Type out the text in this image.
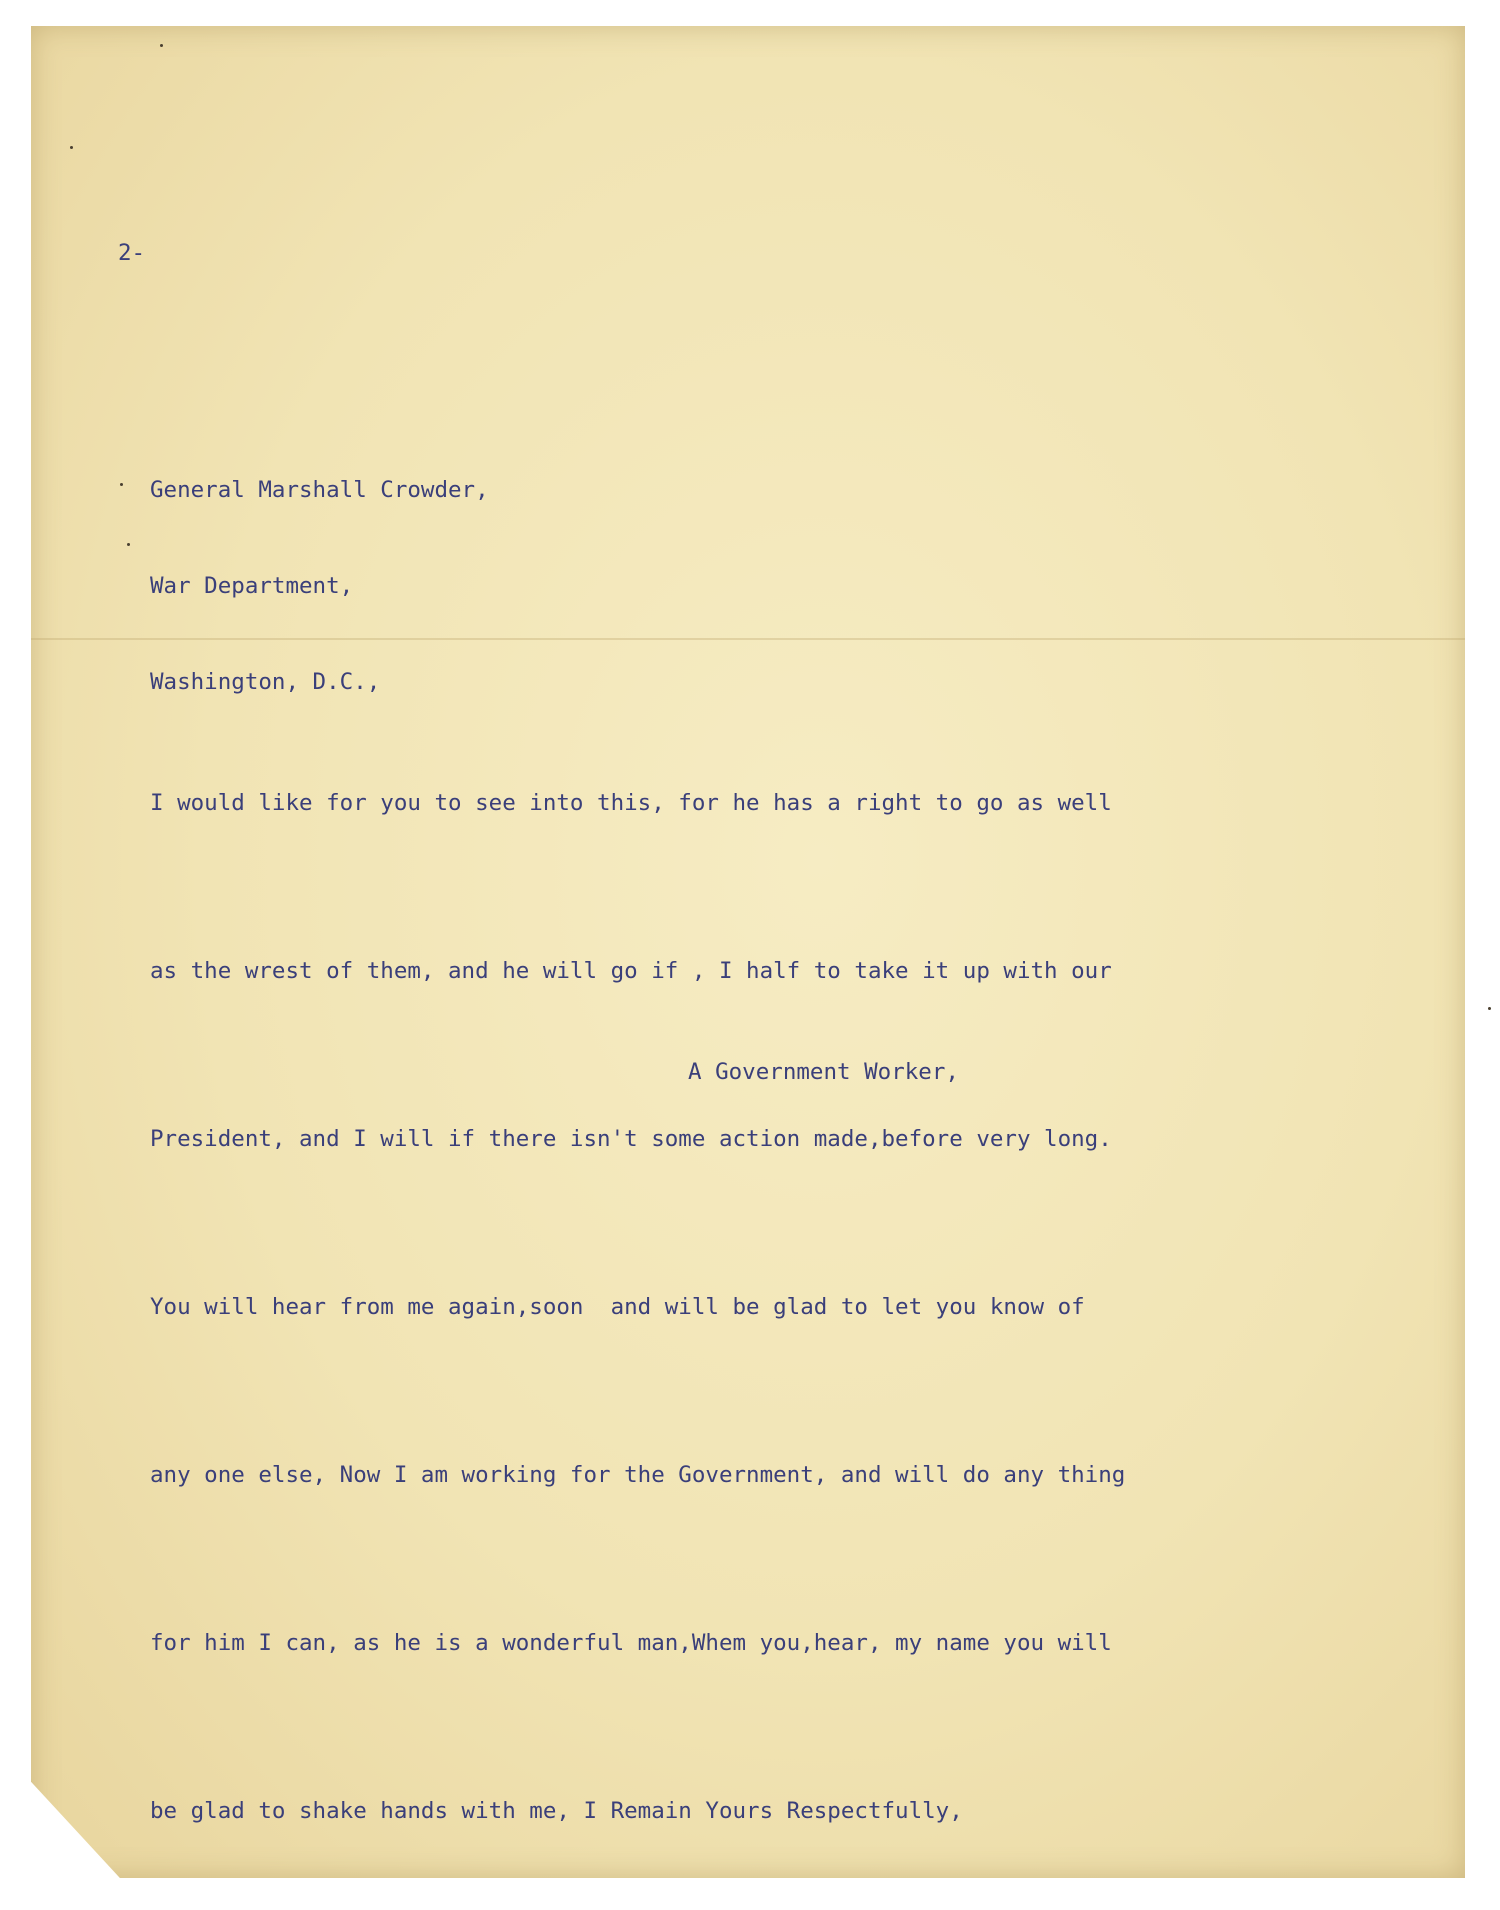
2-

General Marshall Crowder,

War Department,

Washington, D.C.,

I would like for you to see into this, for he has a right to go as well

as the wrest of them, and he will go if , I half to take it up with our

President, and I will if there isn't some action made,before very long.

You will hear from me again,soon  and will be glad to let you know of

any one else, Now I am working for the Government, and will do any thing

for him I can, as he is a wonderful man,Whem you,hear, my name you will

be glad to shake hands with me, I Remain Yours Respectfully,

A Government Worker,
